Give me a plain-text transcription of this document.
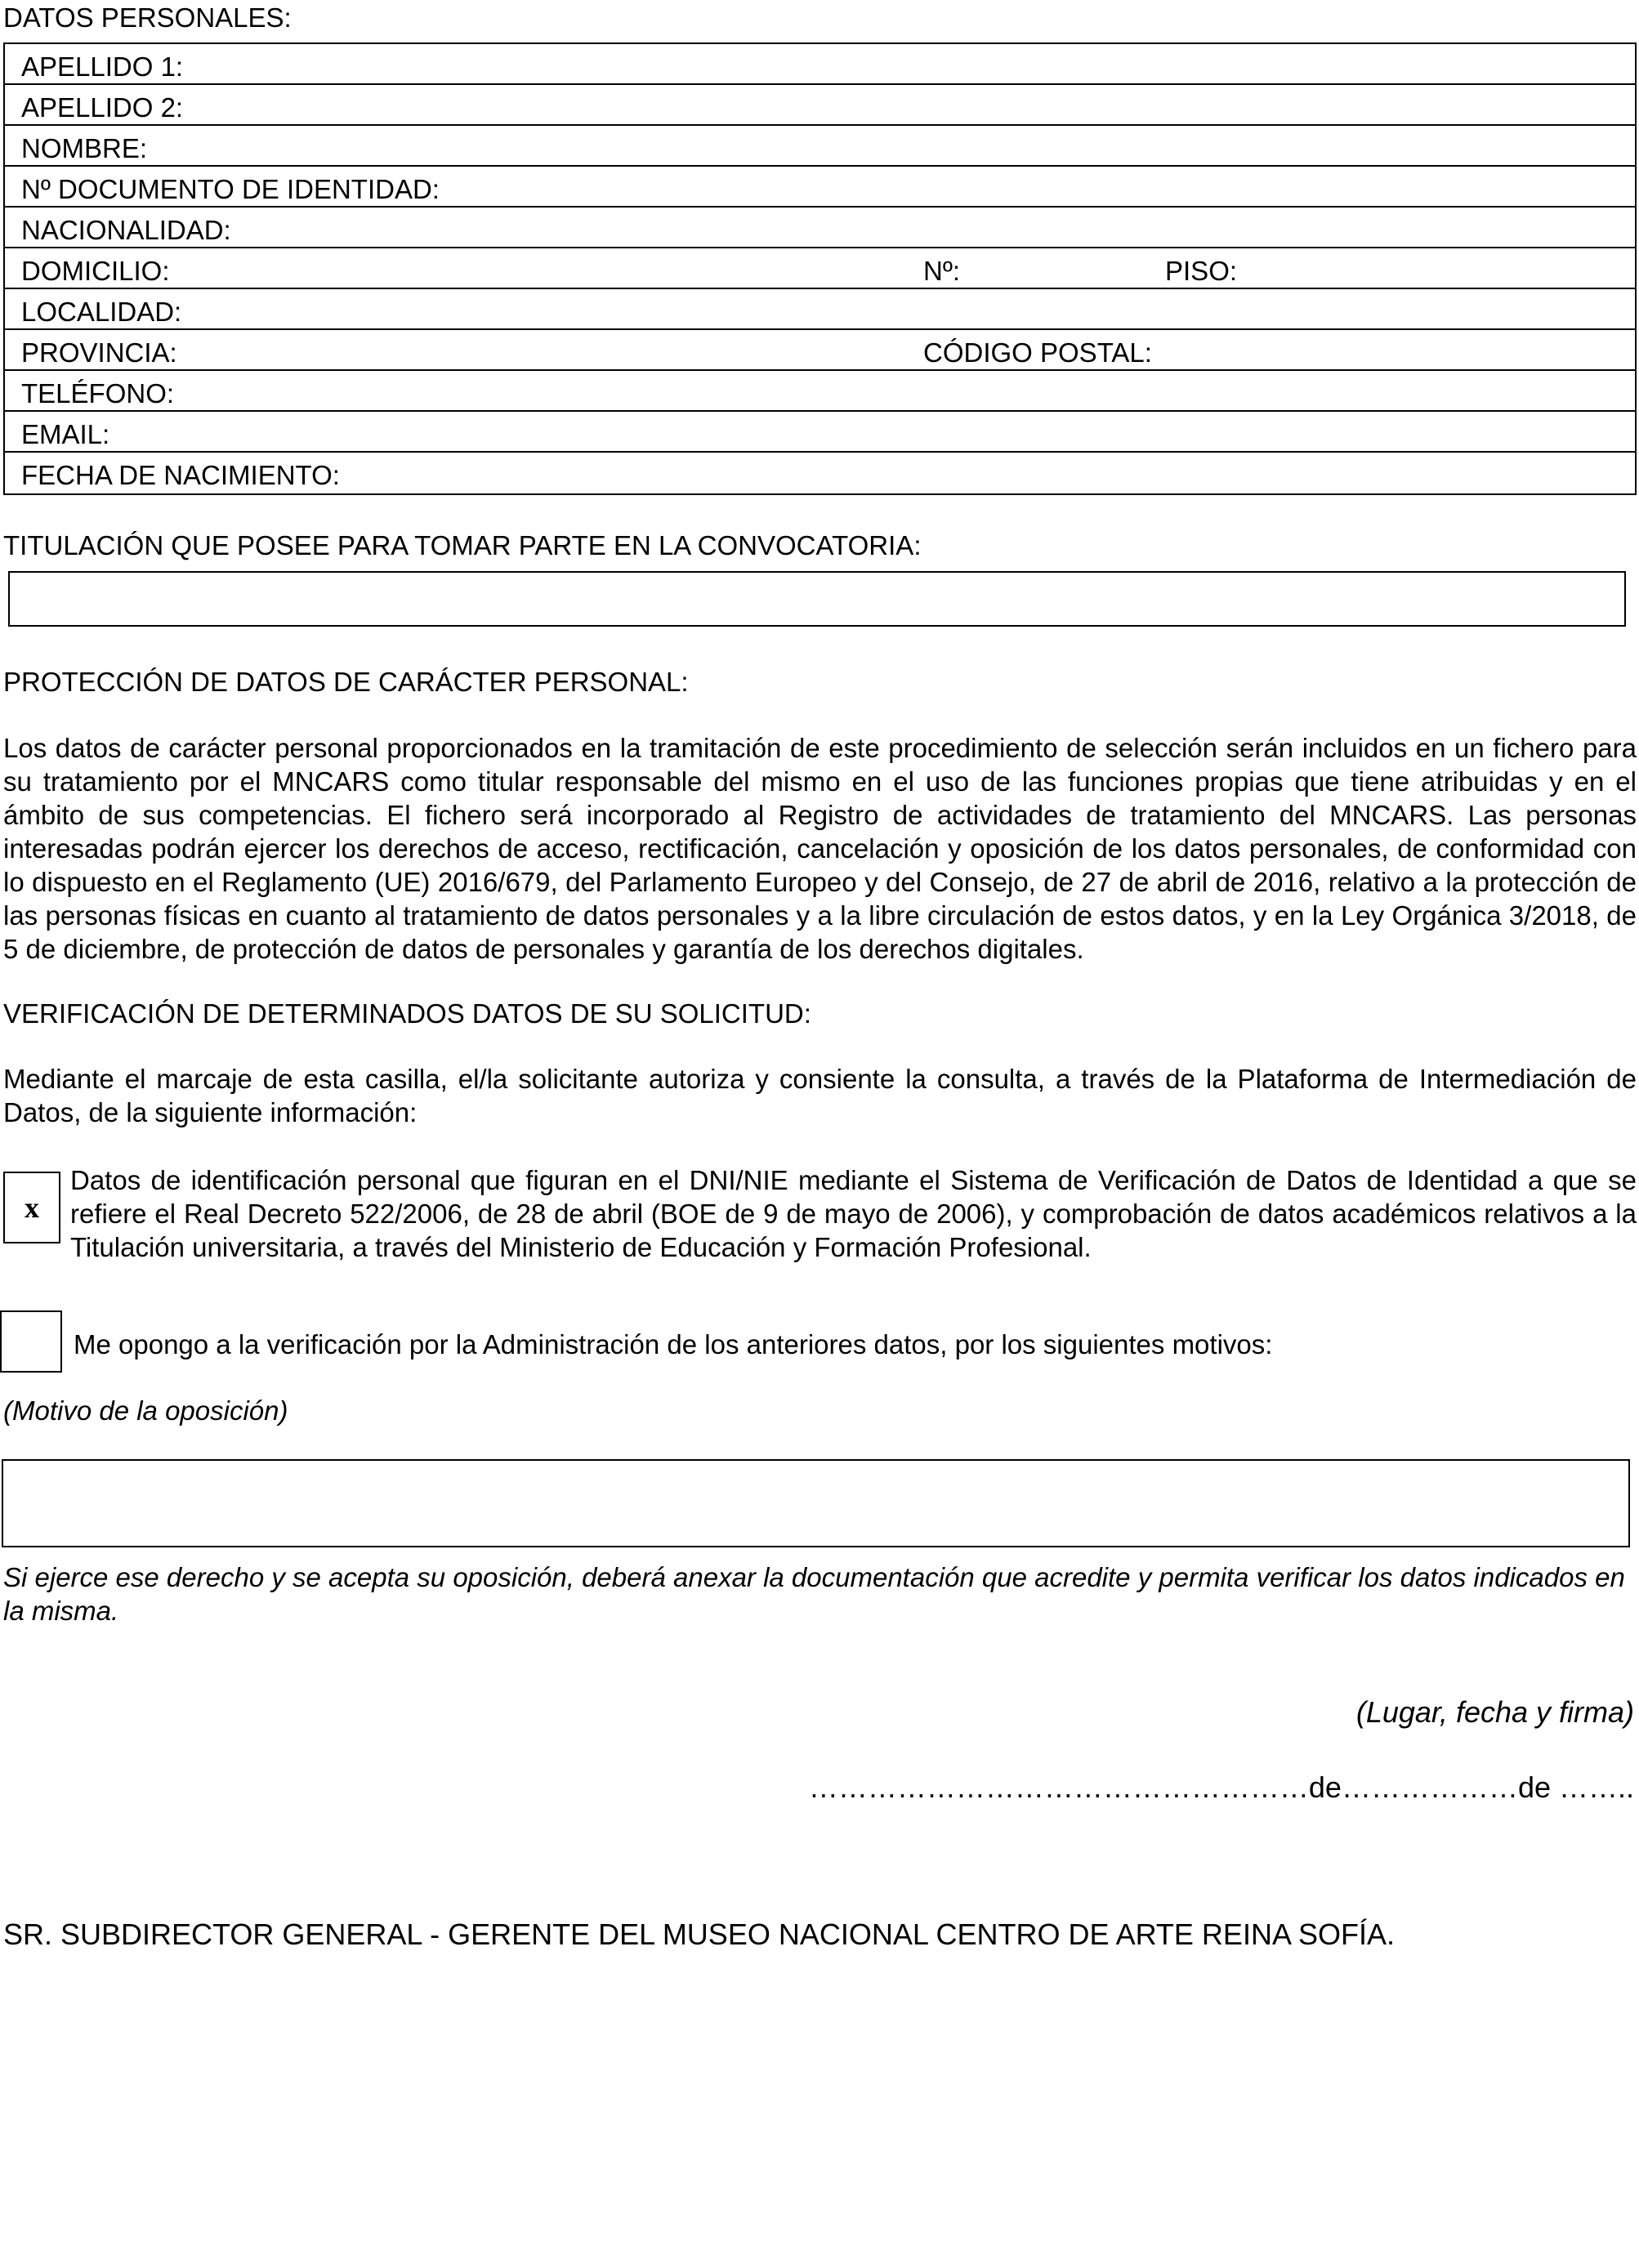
DATOS PERSONALES:
APELLIDO 1:
APELLIDO 2:
NOMBRE:
Nº DOCUMENTO DE IDENTIDAD:
NACIONALIDAD:
DOMICILIO:	Nº:	PISO:
LOCALIDAD:
PROVINCIA:	CÓDIGO POSTAL:
TELÉFONO:
EMAIL:
FECHA DE NACIMIENTO:
TITULACIÓN QUE POSEE PARA TOMAR PARTE EN LA CONVOCATORIA:
PROTECCIÓN DE DATOS DE CARÁCTER PERSONAL:

Los datos de carácter personal proporcionados en la tramitación de este procedimiento de selección serán incluidos en un fichero para su tratamiento por el MNCARS como titular responsable del mismo en el uso de las funciones propias que tiene atribuidas y en el ámbito de sus competencias. El fichero será incorporado al Registro de actividades de tratamiento del MNCARS. Las personas interesadas podrán ejercer los derechos de acceso, rectificación, cancelación y oposición de los datos personales, de conformidad con lo dispuesto en el Reglamento (UE) 2016/679, del Parlamento Europeo y del Consejo, de 27 de abril de 2016, relativo a la protección de las personas físicas en cuanto al tratamiento de datos personales y a la libre circulación de estos datos, y en la Ley Orgánica 3/2018, de 5 de diciembre, de protección de datos de personales y garantía de los derechos digitales.

VERIFICACIÓN DE DETERMINADOS DATOS DE SU SOLICITUD:

Mediante el marcaje de esta casilla, el/la solicitante autoriza y consiente la consulta, a través de la Plataforma de Intermediación de Datos, de la siguiente información:

x

Datos de identificación personal que figuran en el DNI/NIE mediante el Sistema de Verificación de Datos de Identidad a que se refiere el Real Decreto 522/2006, de 28 de abril (BOE de 9 de mayo de 2006), y comprobación de datos académicos relativos a la Titulación universitaria, a través del Ministerio de Educación y Formación Profesional.

Me opongo a la verificación por la Administración de los anteriores datos, por los siguientes motivos:
(Motivo de la oposición)

Si ejerce ese derecho y se acepta su oposición, deberá anexar la documentación que acredite y permita verificar los datos indicados en la misma.

(Lugar, fecha y firma)
……………………………………………de………………de ……..
SR. SUBDIRECTOR GENERAL - GERENTE DEL MUSEO NACIONAL CENTRO DE ARTE REINA SOFÍA.
